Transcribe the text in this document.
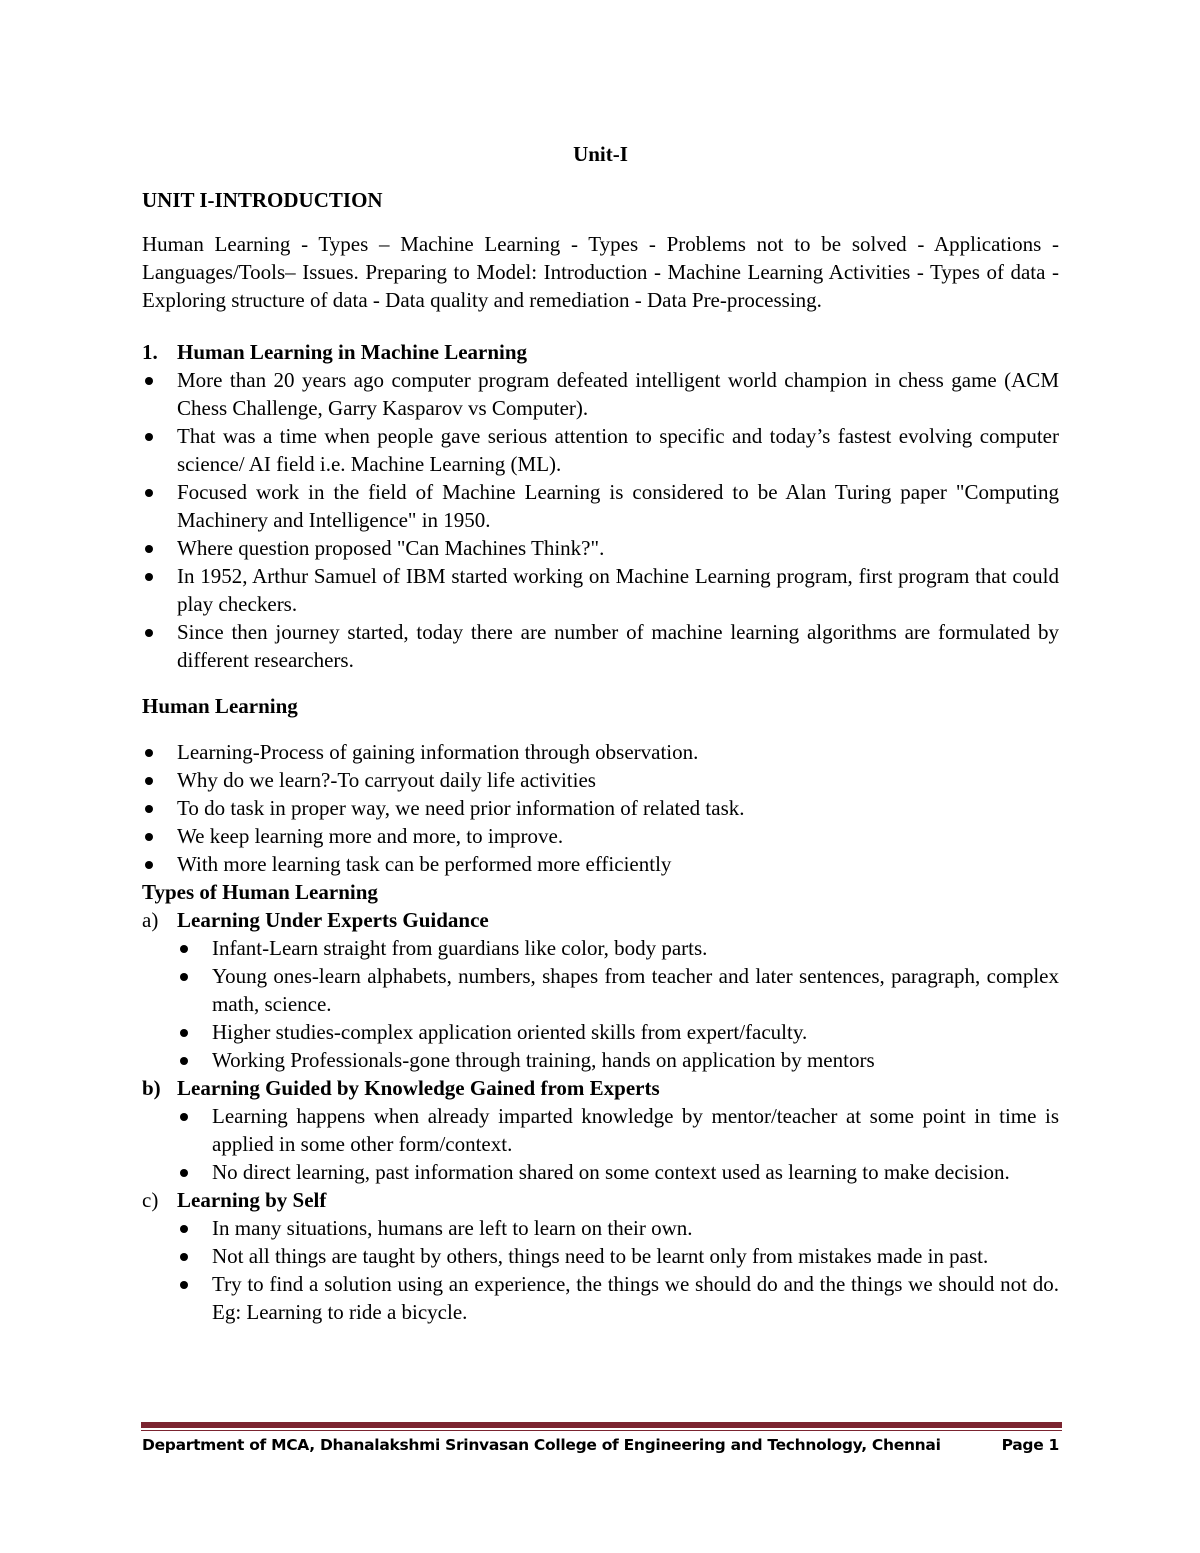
Unit-I
UNIT I-INTRODUCTION

Human Learning - Types – Machine Learning - Types - Problems not to be solved - Applications -Languages/Tools– Issues. Preparing to Model: Introduction - Machine Learning Activities - Types of data - Exploring structure of data - Data quality and remediation - Data Pre-processing.

1. Human Learning in Machine Learning
More than 20 years ago computer program defeated intelligent world champion in chess game (ACM Chess Challenge, Garry Kasparov vs Computer).
That was a time when people gave serious attention to specific and today’s fastest evolving computer science/ AI field i.e. Machine Learning (ML).
Focused work in the field of Machine Learning is considered to be Alan Turing paper "Computing Machinery and Intelligence" in 1950.
Where question proposed "Can Machines Think?".
In 1952, Arthur Samuel of IBM started working on Machine Learning program, first program that could play checkers.
Since then journey started, today there are number of machine learning algorithms are formulated by different researchers.
Human Learning
Learning-Process of gaining information through observation.
Why do we learn?-To carryout daily life activities
To do task in proper way, we need prior information of related task.
We keep learning more and more, to improve.
With more learning task can be performed more efficiently
Types of Human Learning
a) Learning Under Experts Guidance
Infant-Learn straight from guardians like color, body parts.
Young ones-learn alphabets, numbers, shapes from teacher and later sentences, paragraph, complex math, science.
Higher studies-complex application oriented skills from expert/faculty.
Working Professionals-gone through training, hands on application by mentors
b) Learning Guided by Knowledge Gained from Experts
Learning happens when already imparted knowledge by mentor/teacher at some point in time is applied in some other form/context.
No direct learning, past information shared on some context used as learning to make decision.
c) Learning by Self
In many situations, humans are left to learn on their own.
Not all things are taught by others, things need to be learnt only from mistakes made in past.
Try to find a solution using an experience, the things we should do and the things we should not do. Eg: Learning to ride a bicycle.
Department of MCA, Dhanalakshmi Srinvasan College of Engineering and Technology, Chennai	Page 1
